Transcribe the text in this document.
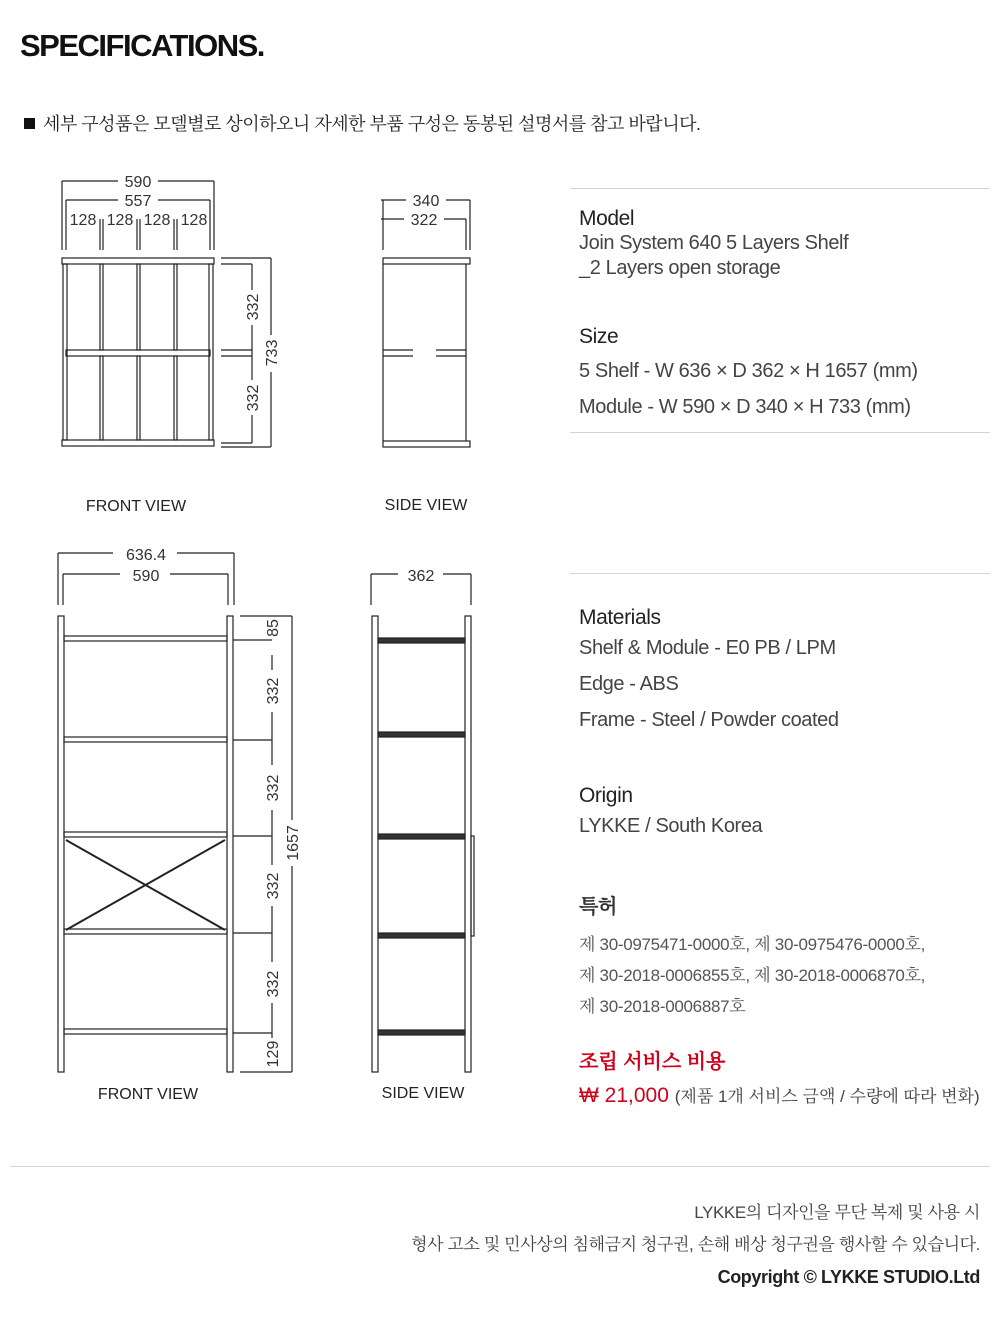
SPECIFICATIONS.
세부 구성품은 모델별로 상이하오니 자세한 부품 구성은 동봉된 설명서를 참고 바랍니다.
590
557
128 128 128 128
332
332
733
FRONT VIEW
340
322
SIDE VIEW
636.4
590
85
332
332
332
332
129
1657
FRONT VIEW
362
SIDE VIEW
Model
Join System 640 5 Layers Shelf
_2 Layers open storage
Size
5 Shelf - W 636 × D 362 × H 1657 (mm)
Module - W 590 × D 340 × H 733 (mm)
Materials
Shelf & Module - E0 PB / LPM
Edge - ABS
Frame - Steel / Powder coated
Origin
LYKKE / South Korea
특허
제 30-0975471-0000호, 제 30-0975476-0000호,
제 30-2018-0006855호, 제 30-2018-0006870호,
제 30-2018-0006887호
조립 서비스 비용
₩ 21,000 (제품 1개 서비스 금액 / 수량에 따라 변화)
LYKKE의 디자인을 무단 복제 및 사용 시
형사 고소 및 민사상의 침해금지 청구권, 손해 배상 청구권을 행사할 수 있습니다.
Copyright © LYKKE STUDIO.Ltd
